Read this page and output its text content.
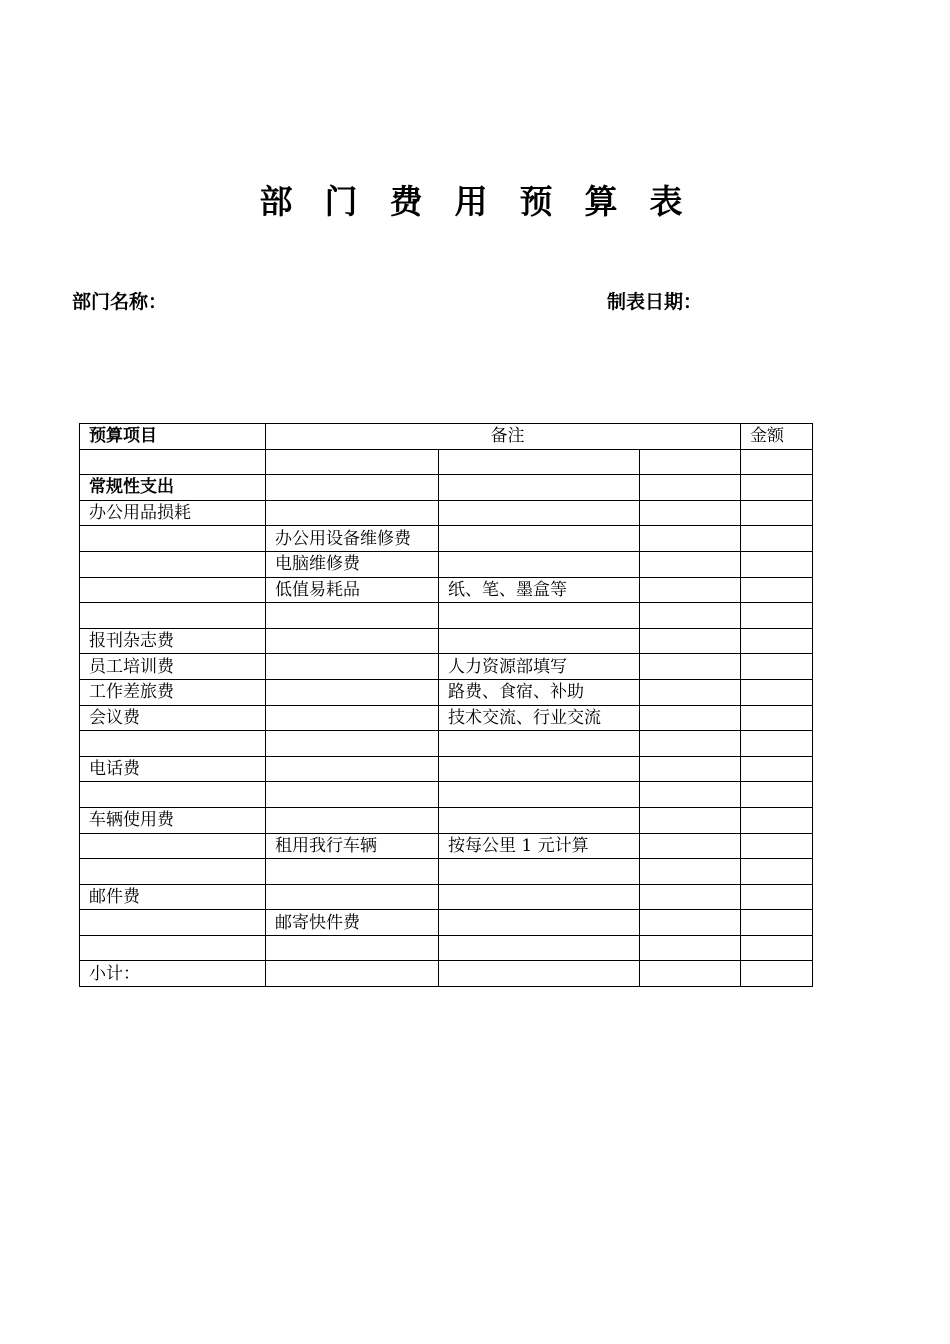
部门费用预算表
部门名称：	制表日期：
预算项目	备注			金额

常规性支出				
办公用品损耗				
	办公用设备维修费			
	电脑维修费			
	低值易耗品	纸、笔、墨盒等		

报刊杂志费				
员工培训费		人力资源部填写		
工作差旅费		路费、食宿、补助		
会议费		技术交流、行业交流		

电话费				

车辆使用费				
	租用我行车辆	按每公里 1 元计算		

邮件费				
	邮寄快件费			

小计：				
